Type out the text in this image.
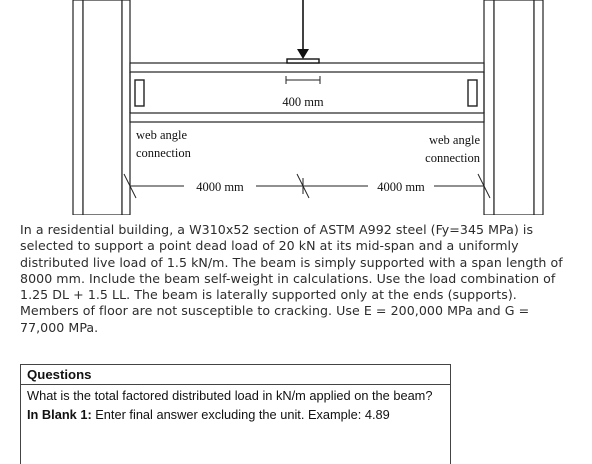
400 mm
web angle
connection
web angle
connection
4000 mm	4000 mm

In a residential building, a W310x52 section of ASTM A992 steel (Fy=345 MPa) is selected to support a point dead load of 20 kN at its mid-span and a uniformly distributed live load of 1.5 kN/m. The beam is simply supported with a span length of 8000 mm. Include the beam self-weight in calculations. Use the load combination of 1.25 DL + 1.5 LL. The beam is laterally supported only at the ends (supports). Members of floor are not susceptible to cracking. Use E = 200,000 MPa and G = 77,000 MPa.

Questions

What is the total factored distributed load in kN/m applied on the beam?

In Blank 1: Enter final answer excluding the unit. Example: 4.89
